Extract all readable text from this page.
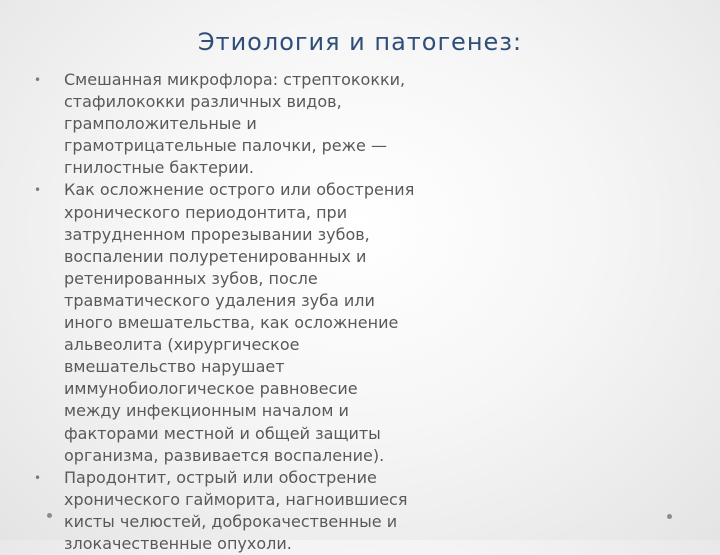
Этиология и патогенез:
• Смешанная микрофлора: стрептококки,
стафилококки различных видов,
грамположительные и
грамотрицательные палочки, реже —
гнилостные бактерии.
• Как осложнение острого или обострения
хронического периодонтита, при
затрудненном прорезывании зубов,
воспалении полуретенированных и
ретенированных зубов, после
травматического удаления зуба или
иного вмешательства, как осложнение
альвеолита (хирургическое
вмешательство нарушает
иммунобиологическое равновесие
между инфекционным началом и
факторами местной и общей защиты
организма, развивается воспаление).
• Пародонтит, острый или обострение
хронического гайморита, нагноившиеся
кисты челюстей, доброкачественные и
злокачественные опухоли.
